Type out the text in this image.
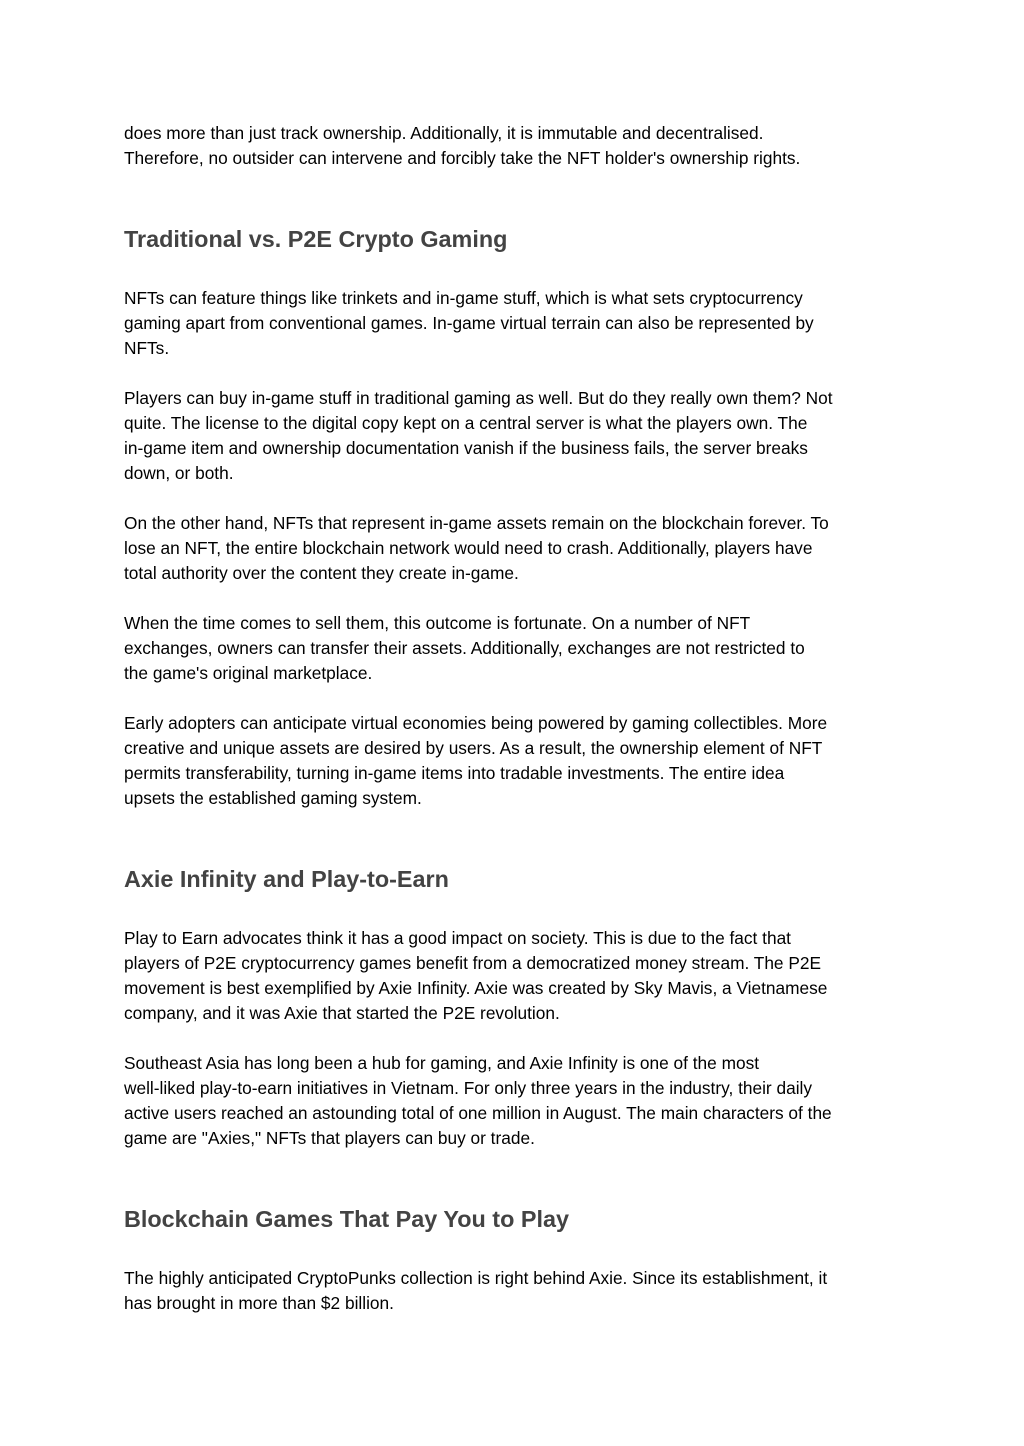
does more than just track ownership. Additionally, it is immutable and decentralised.
Therefore, no outsider can intervene and forcibly take the NFT holder's ownership rights.

Traditional vs. P2E Crypto Gaming

NFTs can feature things like trinkets and in-game stuff, which is what sets cryptocurrency
gaming apart from conventional games. In-game virtual terrain can also be represented by
NFTs.

Players can buy in-game stuff in traditional gaming as well. But do they really own them? Not
quite. The license to the digital copy kept on a central server is what the players own. The
in-game item and ownership documentation vanish if the business fails, the server breaks
down, or both.

On the other hand, NFTs that represent in-game assets remain on the blockchain forever. To
lose an NFT, the entire blockchain network would need to crash. Additionally, players have
total authority over the content they create in-game.

When the time comes to sell them, this outcome is fortunate. On a number of NFT
exchanges, owners can transfer their assets. Additionally, exchanges are not restricted to
the game's original marketplace.

Early adopters can anticipate virtual economies being powered by gaming collectibles. More
creative and unique assets are desired by users. As a result, the ownership element of NFT
permits transferability, turning in-game items into tradable investments. The entire idea
upsets the established gaming system.

Axie Infinity and Play-to-Earn

Play to Earn advocates think it has a good impact on society. This is due to the fact that
players of P2E cryptocurrency games benefit from a democratized money stream. The P2E
movement is best exemplified by Axie Infinity. Axie was created by Sky Mavis, a Vietnamese
company, and it was Axie that started the P2E revolution.

Southeast Asia has long been a hub for gaming, and Axie Infinity is one of the most
well-liked play-to-earn initiatives in Vietnam. For only three years in the industry, their daily
active users reached an astounding total of one million in August. The main characters of the
game are "Axies," NFTs that players can buy or trade.

Blockchain Games That Pay You to Play

The highly anticipated CryptoPunks collection is right behind Axie. Since its establishment, it
has brought in more than $2 billion.
